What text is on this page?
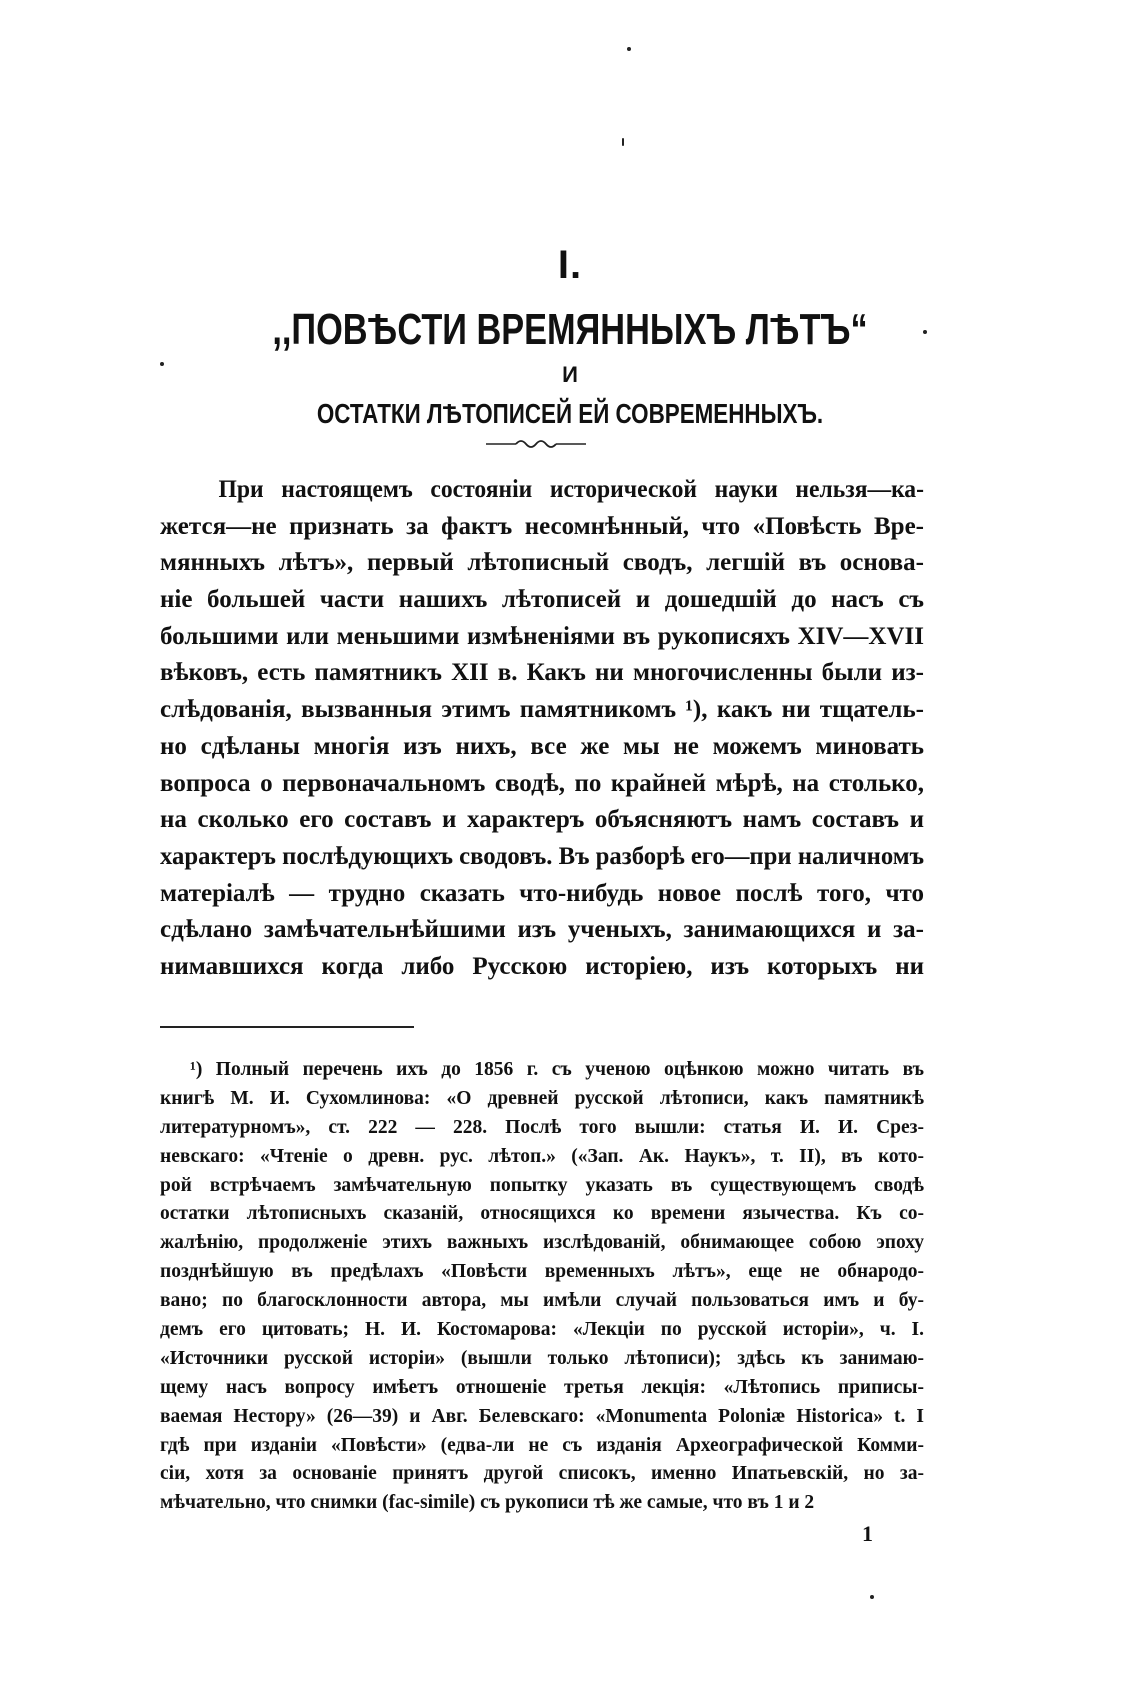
I.
,,ПОВѢСТИ ВРЕМЯННЫХЪ ЛѢТЪ“
И
ОСТАТКИ ЛѢТОПИСЕЙ ЕЙ СОВРЕМЕННЫХЪ.
При настоящемъ состояніи исторической науки нельзя—ка-
жется—не признать за фактъ несомнѣнный, что «Повѣсть Вре-
мянныхъ лѣтъ», первый лѣтописный сводъ, легшій въ основа-
ніе большей части нашихъ лѣтописей и дошедшій до насъ съ
большими или меньшими измѣненіями въ рукописяхъ XIV—XVII
вѣковъ, есть памятникъ XII в. Какъ ни многочисленны были из-
слѣдованія, вызванныя этимъ памятникомъ ¹), какъ ни тщатель-
но сдѣланы многія изъ нихъ, все же мы не можемъ миновать
вопроса о первоначальномъ сводѣ, по крайней мѣрѣ, на столько,
на сколько его составъ и характеръ объясняютъ намъ составъ и
характеръ послѣдующихъ сводовъ. Въ разборѣ его—при наличномъ
матеріалѣ — трудно сказать что-нибудь новое послѣ того, что
сдѣлано замѣчательнѣйшими изъ ученыхъ, занимающихся и за-
нимавшихся когда либо Русскою исторіею, изъ которыхъ ни
¹) Полный перечень ихъ до 1856 г. съ ученою оцѣнкою можно читать въ
книгѣ М. И. Сухомлинова: «О древней русской лѣтописи, какъ памятникѣ
литературномъ», ст. 222 — 228. Послѣ того вышли: статья И. И. Срез-
невскаго: «Чтеніе о древн. рус. лѣтоп.» («Зап. Ак. Наукъ», т. II), въ кото-
рой встрѣчаемъ замѣчательную попытку указать въ существующемъ сводѣ
остатки лѣтописныхъ сказаній, относящихся ко времени язычества. Къ со-
жалѣнію, продолженіе этихъ важныхъ изслѣдованій, обнимающее собою эпоху
позднѣйшую въ предѣлахъ «Повѣсти временныхъ лѣтъ», еще не обнародо-
вано; по благосклонности автора, мы имѣли случай пользоваться имъ и бу-
демъ его цитовать; Н. И. Костомарова: «Лекціи по русской исторіи», ч. I.
«Источники русской исторіи» (вышли только лѣтописи); здѣсь къ занимаю-
щему насъ вопросу имѣетъ отношеніе третья лекція: «Лѣтопись приписы-
ваемая Нестору» (26—39) и Авг. Белевскаго: «Monumenta Poloniæ Historica» t. I
гдѣ при изданіи «Повѣсти» (едва-ли не съ изданія Археографической Комми-
сіи, хотя за основаніе принятъ другой списокъ, именно Ипатьевскій, но за-
мѣчательно, что снимки (fac-simile) съ рукописи тѣ же самые, что въ 1 и 2
1
